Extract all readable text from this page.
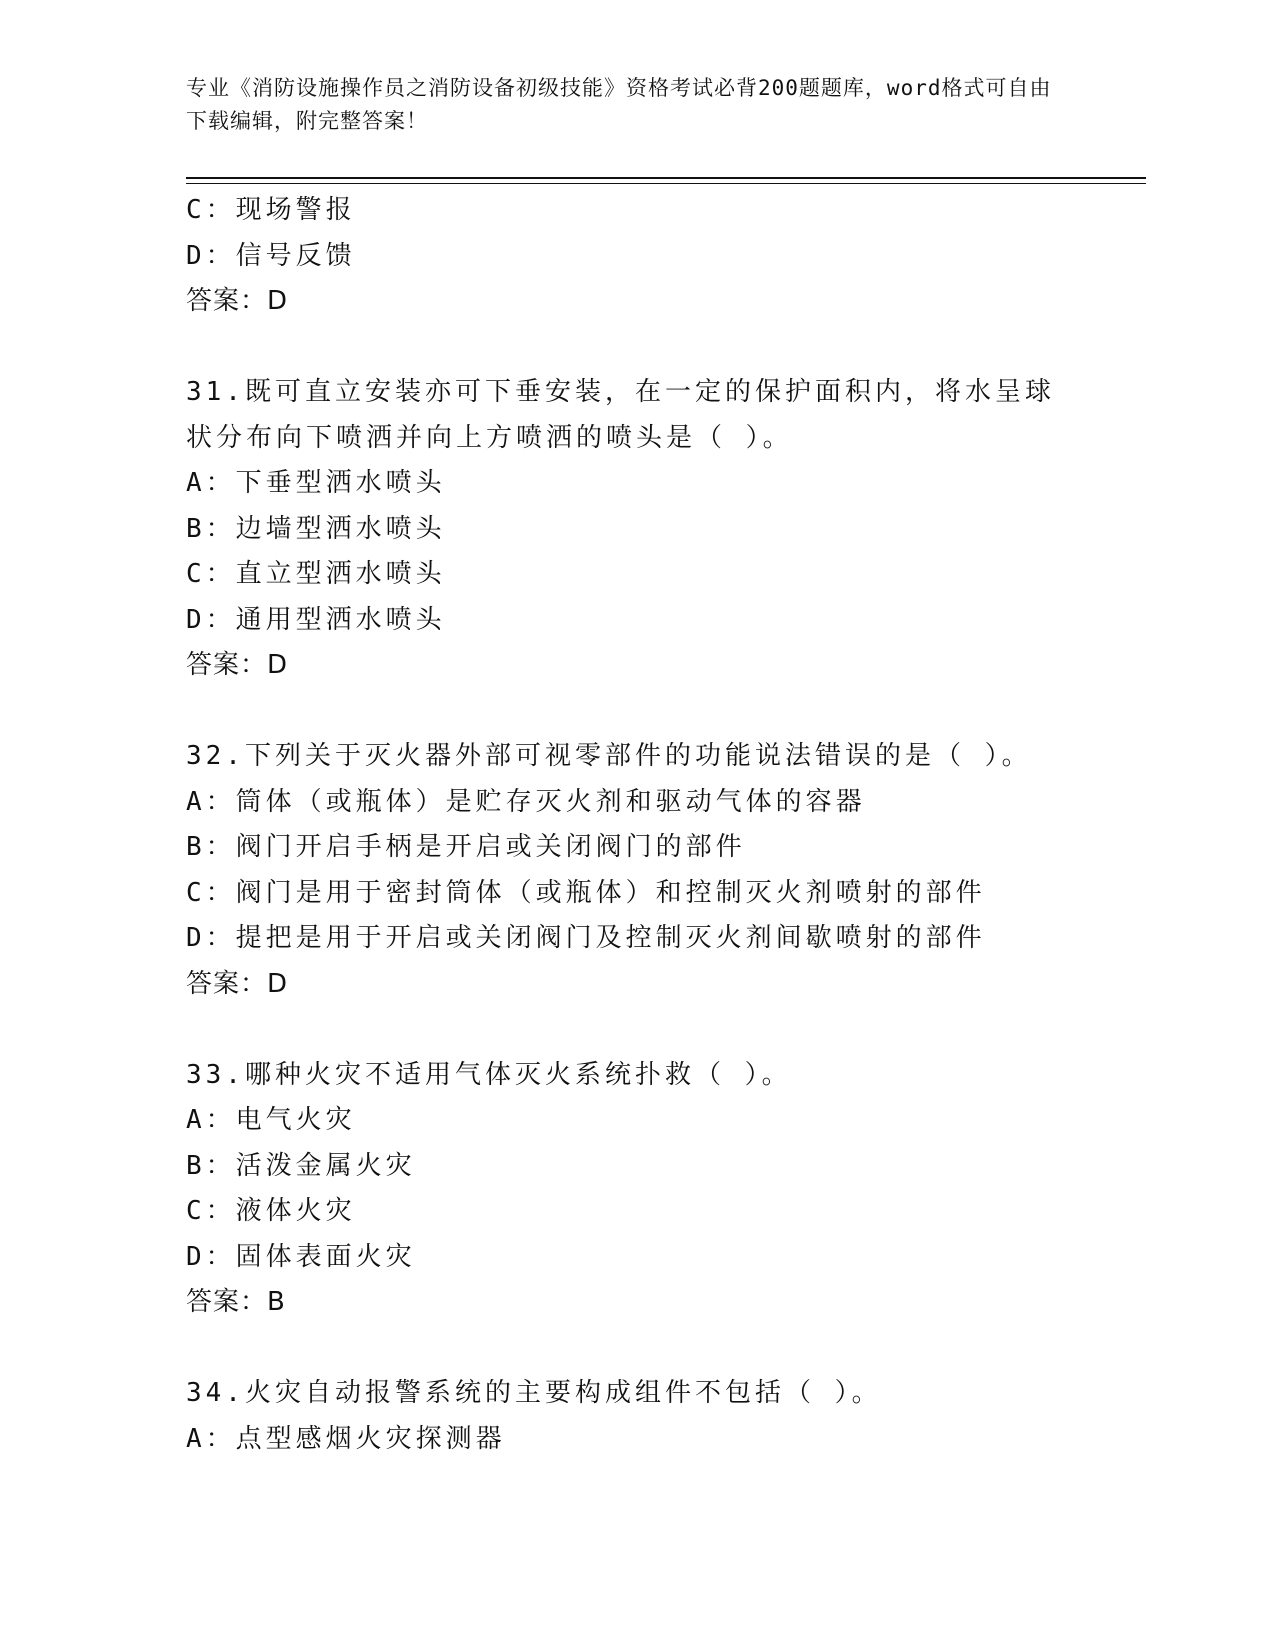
专业《消防设施操作员之消防设备初级技能》资格考试必背200题题库，word格式可自由下载编辑，附完整答案！
C：现场警报
D：信号反馈
答案：D
31.既可直立安装亦可下垂安装，在一定的保护面积内，将水呈球状分布向下喷洒并向上方喷洒的喷头是（ ）。
A：下垂型洒水喷头
B：边墙型洒水喷头
C：直立型洒水喷头
D：通用型洒水喷头
答案：D
32.下列关于灭火器外部可视零部件的功能说法错误的是（ ）。
A：筒体（或瓶体）是贮存灭火剂和驱动气体的容器
B：阀门开启手柄是开启或关闭阀门的部件
C：阀门是用于密封筒体（或瓶体）和控制灭火剂喷射的部件
D：提把是用于开启或关闭阀门及控制灭火剂间歇喷射的部件
答案：D
33.哪种火灾不适用气体灭火系统扑救（ ）。
A：电气火灾
B：活泼金属火灾
C：液体火灾
D：固体表面火灾
答案：B
34.火灾自动报警系统的主要构成组件不包括（ ）。
A：点型感烟火灾探测器
